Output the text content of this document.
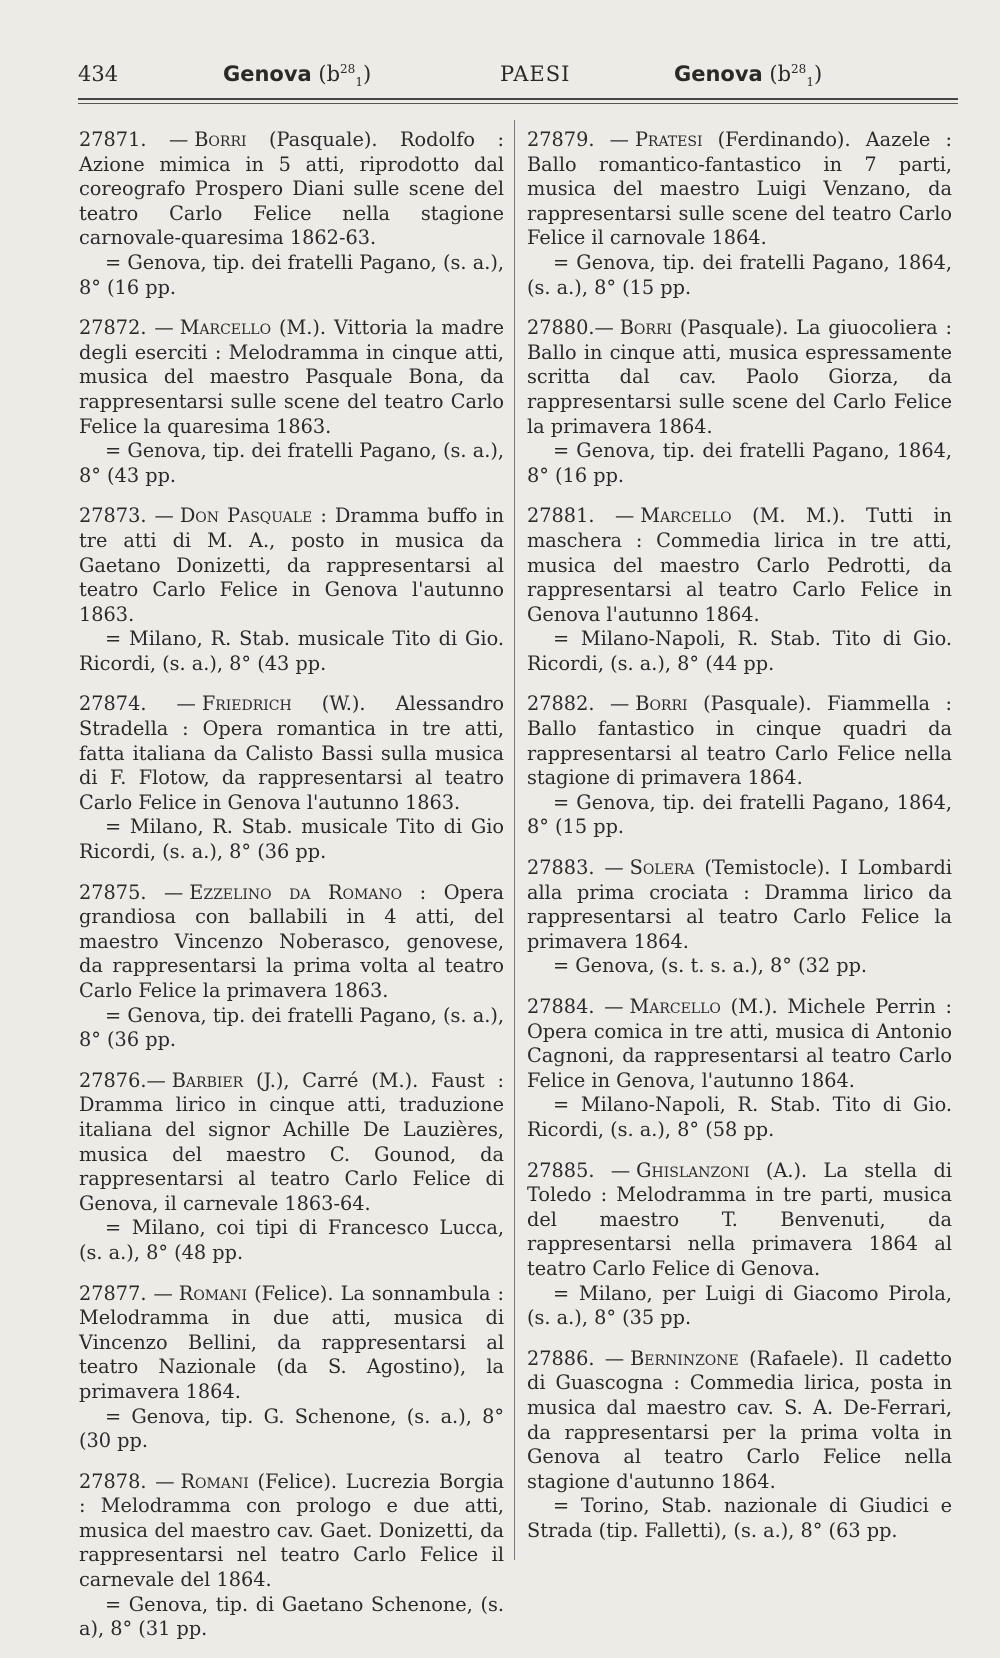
434	Genova $(b^{28}_1)$	PAESI	Genova $(b^{28}_1)$

27871. — Borri (Pasquale). Rodolfo : Azione mimica in 5 atti, riprodotto dal coreografo Prospero Diani sulle scene del teatro Carlo Felice nella stagione carnovale-quaresima 1862-63.

= Genova, tip. dei fratelli Pagano, (s. a.), 8° (16 pp.

27872. — Marcello (M.). Vittoria la madre degli eserciti : Melodramma in cinque atti, musica del maestro Pasquale Bona, da rappresentarsi sulle scene del teatro Carlo Felice la quaresima 1863.

= Genova, tip. dei fratelli Pagano, (s. a.), 8° (43 pp.

27873. — Don Pasquale : Dramma buffo in tre atti di M. A., posto in musica da Gaetano Donizetti, da rappresentarsi al teatro Carlo Felice in Genova l'autunno 1863.

= Milano, R. Stab. musicale Tito di Gio. Ricordi, (s. a.), 8° (43 pp.

27874. — Friedrich (W.). Alessandro Stradella : Opera romantica in tre atti, fatta italiana da Calisto Bassi sulla musica di F. Flotow, da rappresentarsi al teatro Carlo Felice in Genova l'autunno 1863.

= Milano, R. Stab. musicale Tito di Gio Ricordi, (s. a.), 8° (36 pp.

27875. — Ezzelino da Romano : Opera grandiosa con ballabili in 4 atti, del maestro Vincenzo Noberasco, genovese, da rappresentarsi la prima volta al teatro Carlo Felice la primavera 1863.

= Genova, tip. dei fratelli Pagano, (s. a.), 8° (36 pp.

27876.— Barbier (J.), Carré (M.). Faust : Dramma lirico in cinque atti, traduzione italiana del signor Achille De Lauzières, musica del maestro C. Gounod, da rappresentarsi al teatro Carlo Felice di Genova, il carnevale 1863-64.

= Milano, coi tipi di Francesco Lucca, (s. a.), 8° (48 pp.

27877. — Romani (Felice). La sonnambula : Melodramma in due atti, musica di Vincenzo Bellini, da rappresentarsi al teatro Nazionale (da S. Agostino), la primavera 1864.

= Genova, tip. G. Schenone, (s. a.), 8° (30 pp.

27878. — Romani (Felice). Lucrezia Borgia : Melodramma con prologo e due atti, musica del maestro cav. Gaet. Donizetti, da rappresentarsi nel teatro Carlo Felice il carnevale del 1864.

= Genova, tip. di Gaetano Schenone, (s. a), 8° (31 pp.

27879. — Pratesi (Ferdinando). Aazele : Ballo romantico-fantastico in 7 parti, musica del maestro Luigi Venzano, da rappresentarsi sulle scene del teatro Carlo Felice il carnovale 1864.

= Genova, tip. dei fratelli Pagano, 1864, (s. a.), 8° (15 pp.

27880.— Borri (Pasquale). La giuocoliera : Ballo in cinque atti, musica espressamente scritta dal cav. Paolo Giorza, da rappresentarsi sulle scene del Carlo Felice la primavera 1864.

= Genova, tip. dei fratelli Pagano, 1864, 8° (16 pp.

27881. — Marcello (M. M.). Tutti in maschera : Commedia lirica in tre atti, musica del maestro Carlo Pedrotti, da rappresentarsi al teatro Carlo Felice in Genova l'autunno 1864.

= Milano-Napoli, R. Stab. Tito di Gio. Ricordi, (s. a.), 8° (44 pp.

27882. — Borri (Pasquale). Fiammella : Ballo fantastico in cinque quadri da rappresentarsi al teatro Carlo Felice nella stagione di primavera 1864.

= Genova, tip. dei fratelli Pagano, 1864, 8° (15 pp.

27883. — Solera (Temistocle). I Lombardi alla prima crociata : Dramma lirico da rappresentarsi al teatro Carlo Felice la primavera 1864.

= Genova, (s. t. s. a.), 8° (32 pp.

27884. — Marcello (M.). Michele Perrin : Opera comica in tre atti, musica di Antonio Cagnoni, da rappresentarsi al teatro Carlo Felice in Genova, l'autunno 1864.

= Milano-Napoli, R. Stab. Tito di Gio. Ricordi, (s. a.), 8° (58 pp.

27885. — Ghislanzoni (A.). La stella di Toledo : Melodramma in tre parti, musica del maestro T. Benvenuti, da rappresentarsi nella primavera 1864 al teatro Carlo Felice di Genova.

= Milano, per Luigi di Giacomo Pirola, (s. a.), 8° (35 pp.

27886. — Berninzone (Rafaele). Il cadetto di Guascogna : Commedia lirica, posta in musica dal maestro cav. S. A. De-Ferrari, da rappresentarsi per la prima volta in Genova al teatro Carlo Felice nella stagione d'autunno 1864.

= Torino, Stab. nazionale di Giudici e Strada (tip. Falletti), (s. a.), 8° (63 pp.
